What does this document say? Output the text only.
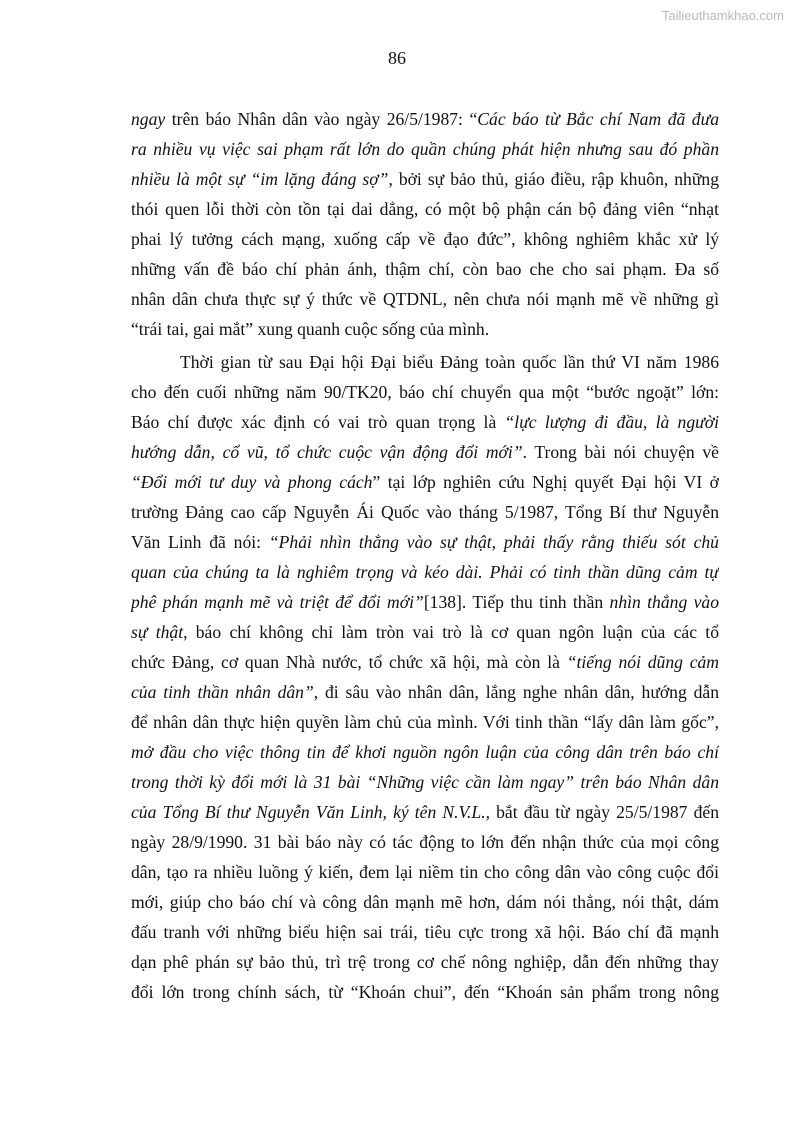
Tailieuthamkhao.com
86
ngay trên báo Nhân dân vào ngày 26/5/1987: “Các báo từ Bắc chí Nam đã đưa
ra nhiều vụ việc sai phạm rất lớn do quần chúng phát hiện nhưng sau đó phần
nhiều là một sự “im lặng đáng sợ”, bởi sự bảo thủ, giáo điều, rập khuôn, những
thói quen lỗi thời còn tồn tại dai dẳng, có một bộ phận cán bộ đảng viên “nhạt
phai lý tưởng cách mạng, xuống cấp về đạo đức”, không nghiêm khắc xử lý
những vấn đề báo chí phản ánh, thậm chí, còn bao che cho sai phạm. Đa số
nhân dân chưa thực sự ý thức về QTDNL, nên chưa nói mạnh mẽ về những gì
“trái tai, gai mắt” xung quanh cuộc sống của mình.
Thời gian từ sau Đại hội Đại biểu Đảng toàn quốc lần thứ VI năm 1986
cho đến cuối những năm 90/TK20, báo chí chuyển qua một “bước ngoặt” lớn:
Báo chí được xác định có vai trò quan trọng là “lực lượng đi đầu, là người
hướng dẫn, cổ vũ, tổ chức cuộc vận động đổi mới”. Trong bài nói chuyện về
“Đổi mới tư duy và phong cách” tại lớp nghiên cứu Nghị quyết Đại hội VI ở
trường Đảng cao cấp Nguyễn Ái Quốc vào tháng 5/1987, Tổng Bí thư Nguyễn
Văn Linh đã nói: “Phải nhìn thẳng vào sự thật, phải thấy rằng thiếu sót chủ
quan của chúng ta là nghiêm trọng và kéo dài. Phải có tinh thần dũng cảm tự
phê phán mạnh mẽ và triệt để đổi mới”[138]. Tiếp thu tinh thần nhìn thẳng vào
sự thật, báo chí không chỉ làm tròn vai trò là cơ quan ngôn luận của các tổ
chức Đảng, cơ quan Nhà nước, tổ chức xã hội, mà còn là “tiếng nói dũng cảm
của tinh thần nhân dân”, đi sâu vào nhân dân, lắng nghe nhân dân, hướng dẫn
để nhân dân thực hiện quyền làm chủ của mình. Với tinh thần “lấy dân làm gốc”,
mở đầu cho việc thông tin để khơi nguồn ngôn luận của công dân trên báo chí
trong thời kỳ đổi mới là 31 bài “Những việc cần làm ngay” trên báo Nhân dân
của Tổng Bí thư Nguyễn Văn Linh, ký tên N.V.L., bắt đầu từ ngày 25/5/1987 đến
ngày 28/9/1990. 31 bài báo này có tác động to lớn đến nhận thức của mọi công
dân, tạo ra nhiều luồng ý kiến, đem lại niềm tin cho công dân vào công cuộc đổi
mới, giúp cho báo chí và công dân mạnh mẽ hơn, dám nói thẳng, nói thật, dám
đấu tranh với những biểu hiện sai trái, tiêu cực trong xã hội. Báo chí đã mạnh
dạn phê phán sự bảo thủ, trì trệ trong cơ chế nông nghiệp, dẫn đến những thay
đổi lớn trong chính sách, từ “Khoán chui”, đến “Khoán sản phẩm trong nông
